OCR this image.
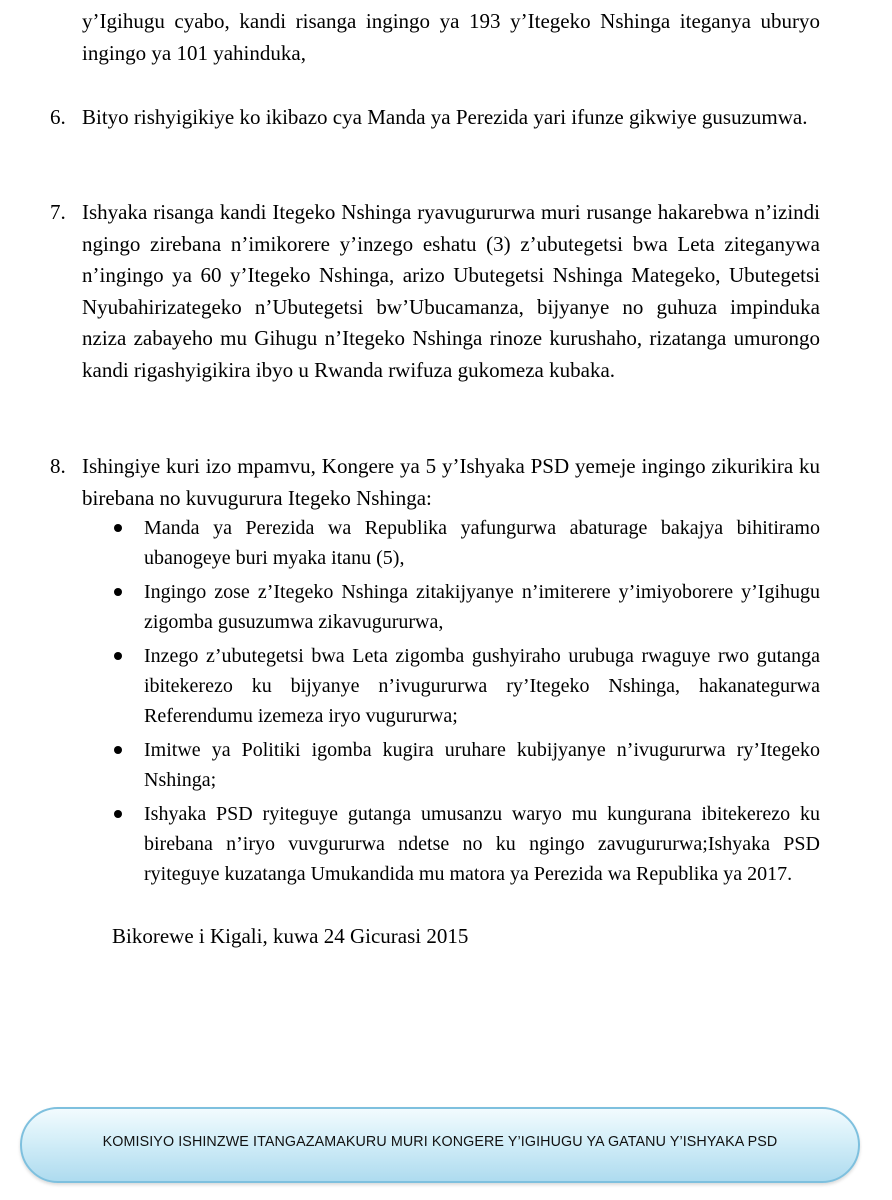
y’Igihugu cyabo, kandi risanga ingingo ya 193 y’Itegeko Nshinga iteganya uburyo ingingo ya 101 yahinduka,
6. Bityo rishyigikiye ko ikibazo cya Manda ya Perezida yari ifunze gikwiye gusuzumwa.
7. Ishyaka risanga kandi Itegeko Nshinga ryavugururwa muri rusange hakarebwa n’izindi ngingo zirebana n’imikorere y’inzego eshatu (3) z’ubutegetsi bwa Leta ziteganywa n’ingingo ya 60 y’Itegeko Nshinga, arizo Ubutegetsi Nshinga Mategeko, Ubutegetsi Nyubahirizategeko n’Ubutegetsi bw’Ubucamanza, bijyanye no guhuza impinduka nziza zabayeho mu Gihugu n’Itegeko Nshinga rinoze kurushaho, rizatanga umurongo kandi rigashyigikira ibyo u Rwanda rwifuza gukomeza kubaka.
8. Ishingiye kuri izo mpamvu, Kongere ya 5 y’Ishyaka PSD yemeje ingingo zikurikira ku birebana no kuvugurura Itegeko Nshinga:
Manda ya Perezida wa Republika yafungurwa abaturage bakajya bihitiramo ubanogeye buri myaka itanu (5),
Ingingo zose z’Itegeko Nshinga zitakijyanye n’imiterere y’imiyoborere y’Igihugu zigomba gusuzumwa zikavugururwa,
Inzego z’ubutegetsi bwa Leta zigomba gushyiraho urubuga rwaguye rwo gutanga ibitekerezo ku bijyanye n’ivugururwa ry’Itegeko Nshinga, hakanategurwa Referendumu izemeza iryo vugururwa;
Imitwe ya Politiki igomba kugira uruhare kubijyanye n’ivugururwa ry’Itegeko Nshinga;
Ishyaka PSD ryiteguye gutanga umusanzu waryo mu kungurana ibitekerezo ku birebana n’iryo vuvgururwa ndetse no ku ngingo zavugururwa;Ishyaka PSD ryiteguye kuzatanga Umukandida mu matora ya Perezida wa Republika ya 2017.
Bikorewe i Kigali, kuwa 24 Gicurasi 2015
KOMISIYO ISHINZWE ITANGAZAMAKURU MURI KONGERE Y’IGIHUGU YA GATANU Y’ISHYAKA PSD
